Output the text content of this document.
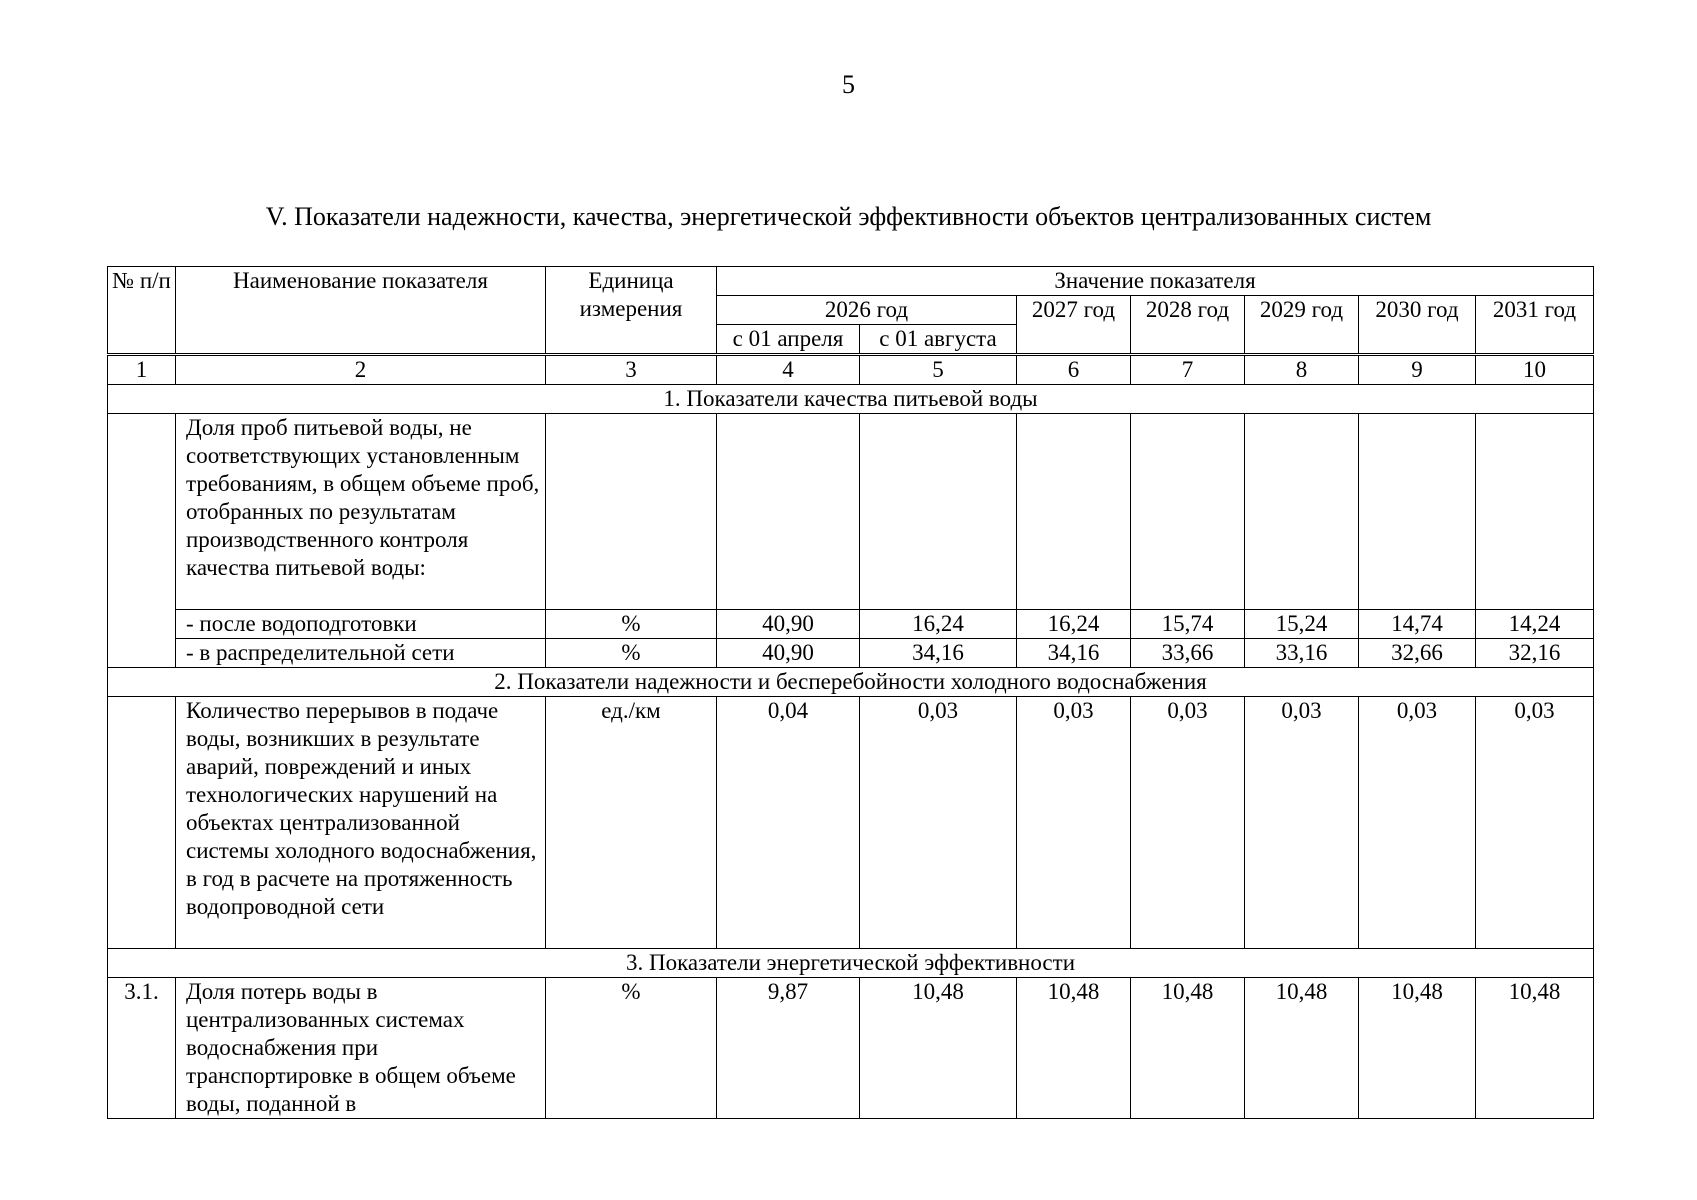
5
V. Показатели надежности, качества, энергетической эффективности объектов централизованных систем
№ п/п	Наименование показателя	Единица измерения	Значение показателя						
			2026 год		2027 год	2028 год	2029 год	2030 год	2031 год
			с 01 апреля	с 01 августа					
1	2	3	4	5	6	7	8	9	10
1. Показатели качества питьевой воды									
	Доля проб питьевой воды, не соответствующих установленным требованиям, в общем объеме проб, отобранных по результатам производственного контроля качества питьевой воды:								
	- после водоподготовки	%	40,90	16,24	16,24	15,74	15,24	14,74	14,24
	- в распределительной сети	%	40,90	34,16	34,16	33,66	33,16	32,66	32,16
2. Показатели надежности и бесперебойности холодного водоснабжения									
	Количество перерывов в подаче воды, возникших в результате аварий, повреждений и иных технологических нарушений на объектах централизованной системы холодного водоснабжения, в год в расчете на протяженность водопроводной сети	ед./км	0,04	0,03	0,03	0,03	0,03	0,03	0,03
3. Показатели энергетической эффективности									
3.1.	Доля потерь воды в централизованных системах водоснабжения при транспортировке в общем объеме воды, поданной в	%	9,87	10,48	10,48	10,48	10,48	10,48	10,48
